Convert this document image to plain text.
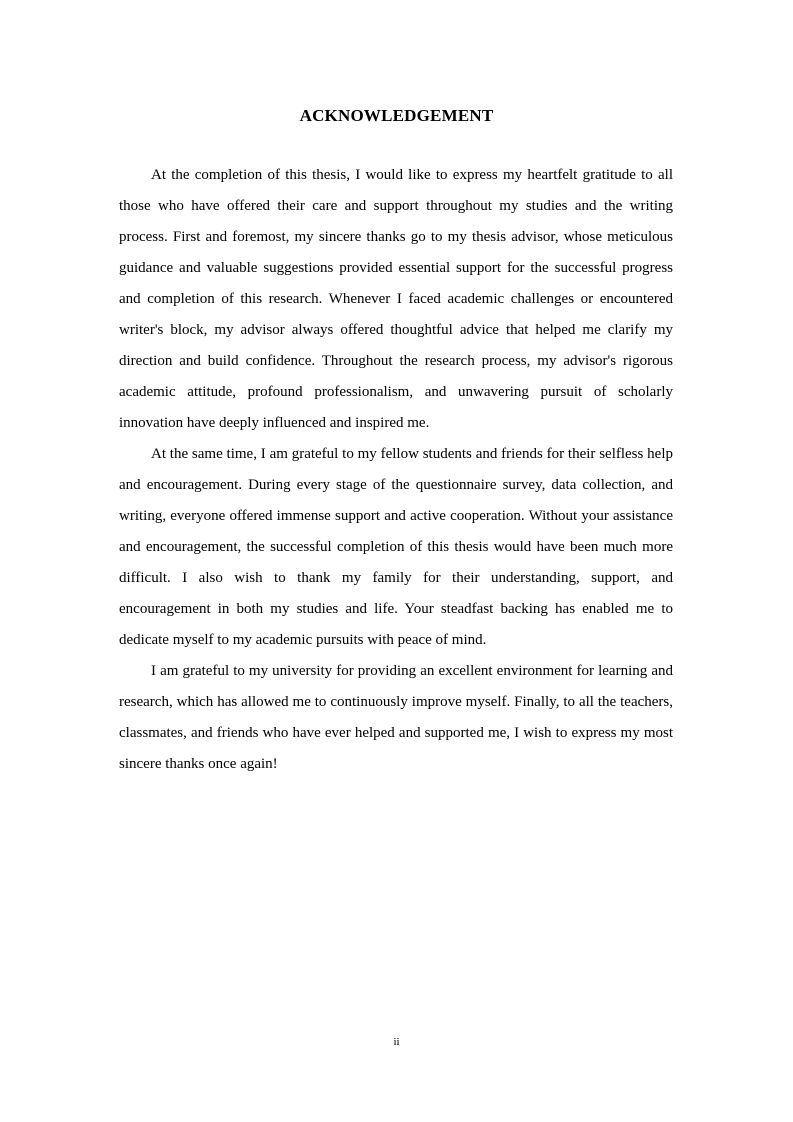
ACKNOWLEDGEMENT

At the completion of this thesis, I would like to express my heartfelt gratitude to all those who have offered their care and support throughout my studies and the writing process. First and foremost, my sincere thanks go to my thesis advisor, whose meticulous guidance and valuable suggestions provided essential support for the successful progress and completion of this research. Whenever I faced academic challenges or encountered writer's block, my advisor always offered thoughtful advice that helped me clarify my direction and build confidence. Throughout the research process, my advisor's rigorous academic attitude, profound professionalism, and unwavering pursuit of scholarly innovation have deeply influenced and inspired me.

At the same time, I am grateful to my fellow students and friends for their selfless help and encouragement. During every stage of the questionnaire survey, data collection, and writing, everyone offered immense support and active cooperation. Without your assistance and encouragement, the successful completion of this thesis would have been much more difficult. I also wish to thank my family for their understanding, support, and encouragement in both my studies and life. Your steadfast backing has enabled me to dedicate myself to my academic pursuits with peace of mind.

I am grateful to my university for providing an excellent environment for learning and research, which has allowed me to continuously improve myself. Finally, to all the teachers, classmates, and friends who have ever helped and supported me, I wish to express my most sincere thanks once again!

ii
